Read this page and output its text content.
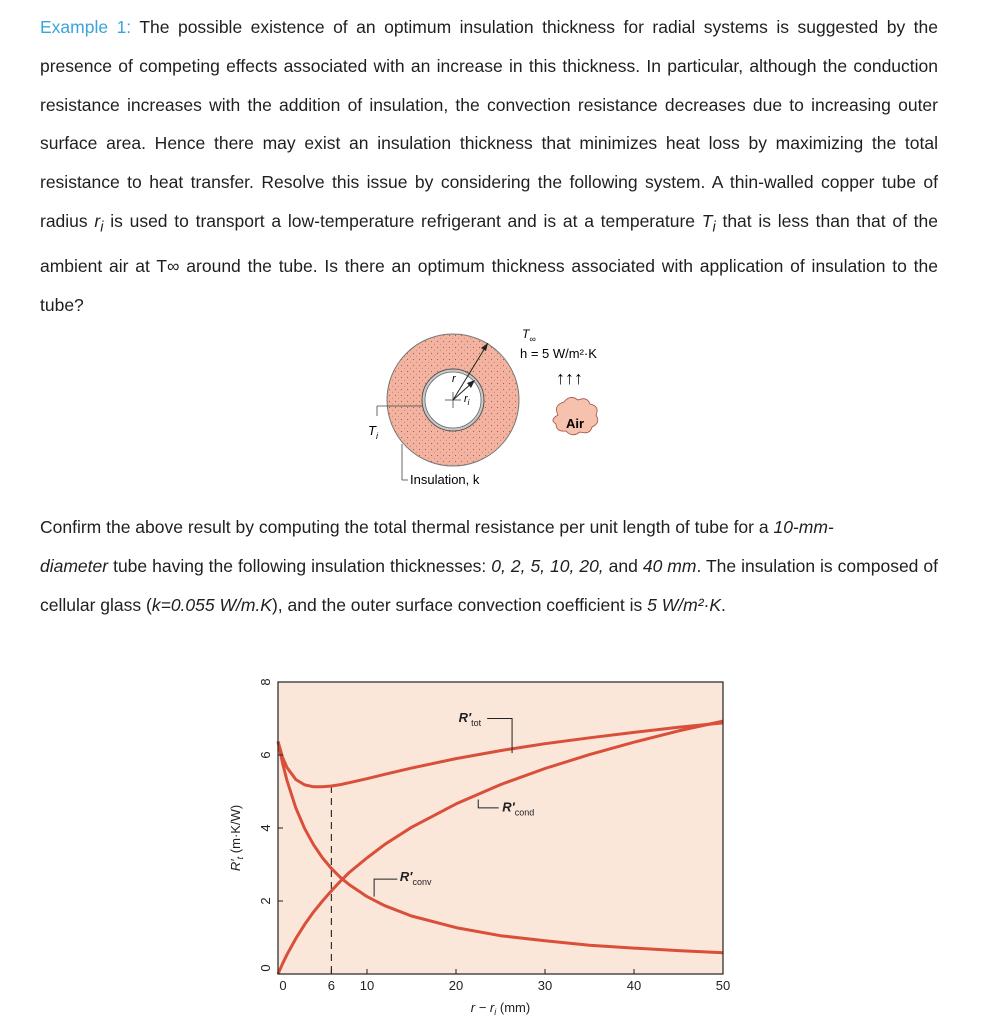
Example 1: The possible existence of an optimum insulation thickness for radial systems is suggested by the presence of competing effects associated with an increase in this thickness. In particular, although the conduction resistance increases with the addition of insulation, the convection resistance decreases due to increasing outer surface area. Hence there may exist an insulation thickness that minimizes heat loss by maximizing the total resistance to heat transfer. Resolve this issue by considering the following system. A thin-walled copper tube of radius $r_i$ is used to transport a low-temperature refrigerant and is at a temperature $T_i$ that is less than that of the ambient air at T∞ around the tube. Is there an optimum thickness associated with application of insulation to the tube?

r
$r_i$
$T_i$
Insulation, k
$T_\infty$
h = 5 W/m²·K
↑↑↑
Air

Confirm the above result by computing the total thermal resistance per unit length of tube for a 10-mm-
diameter tube having the following insulation thicknesses: 0, 2, 5, 10, 20, and 40 mm. The insulation is composed of cellular glass (k=0.055 W/m.K), and the outer surface convection coefficient is 5 W/m²·K.

$R'_{tot}$
$R'_{cond}$
$R'_{conv}$
0	6 10	20	30	40	50
0
2
4
6
8
$r - r_i$ (mm)
$R'_t$ (m·K/W)
